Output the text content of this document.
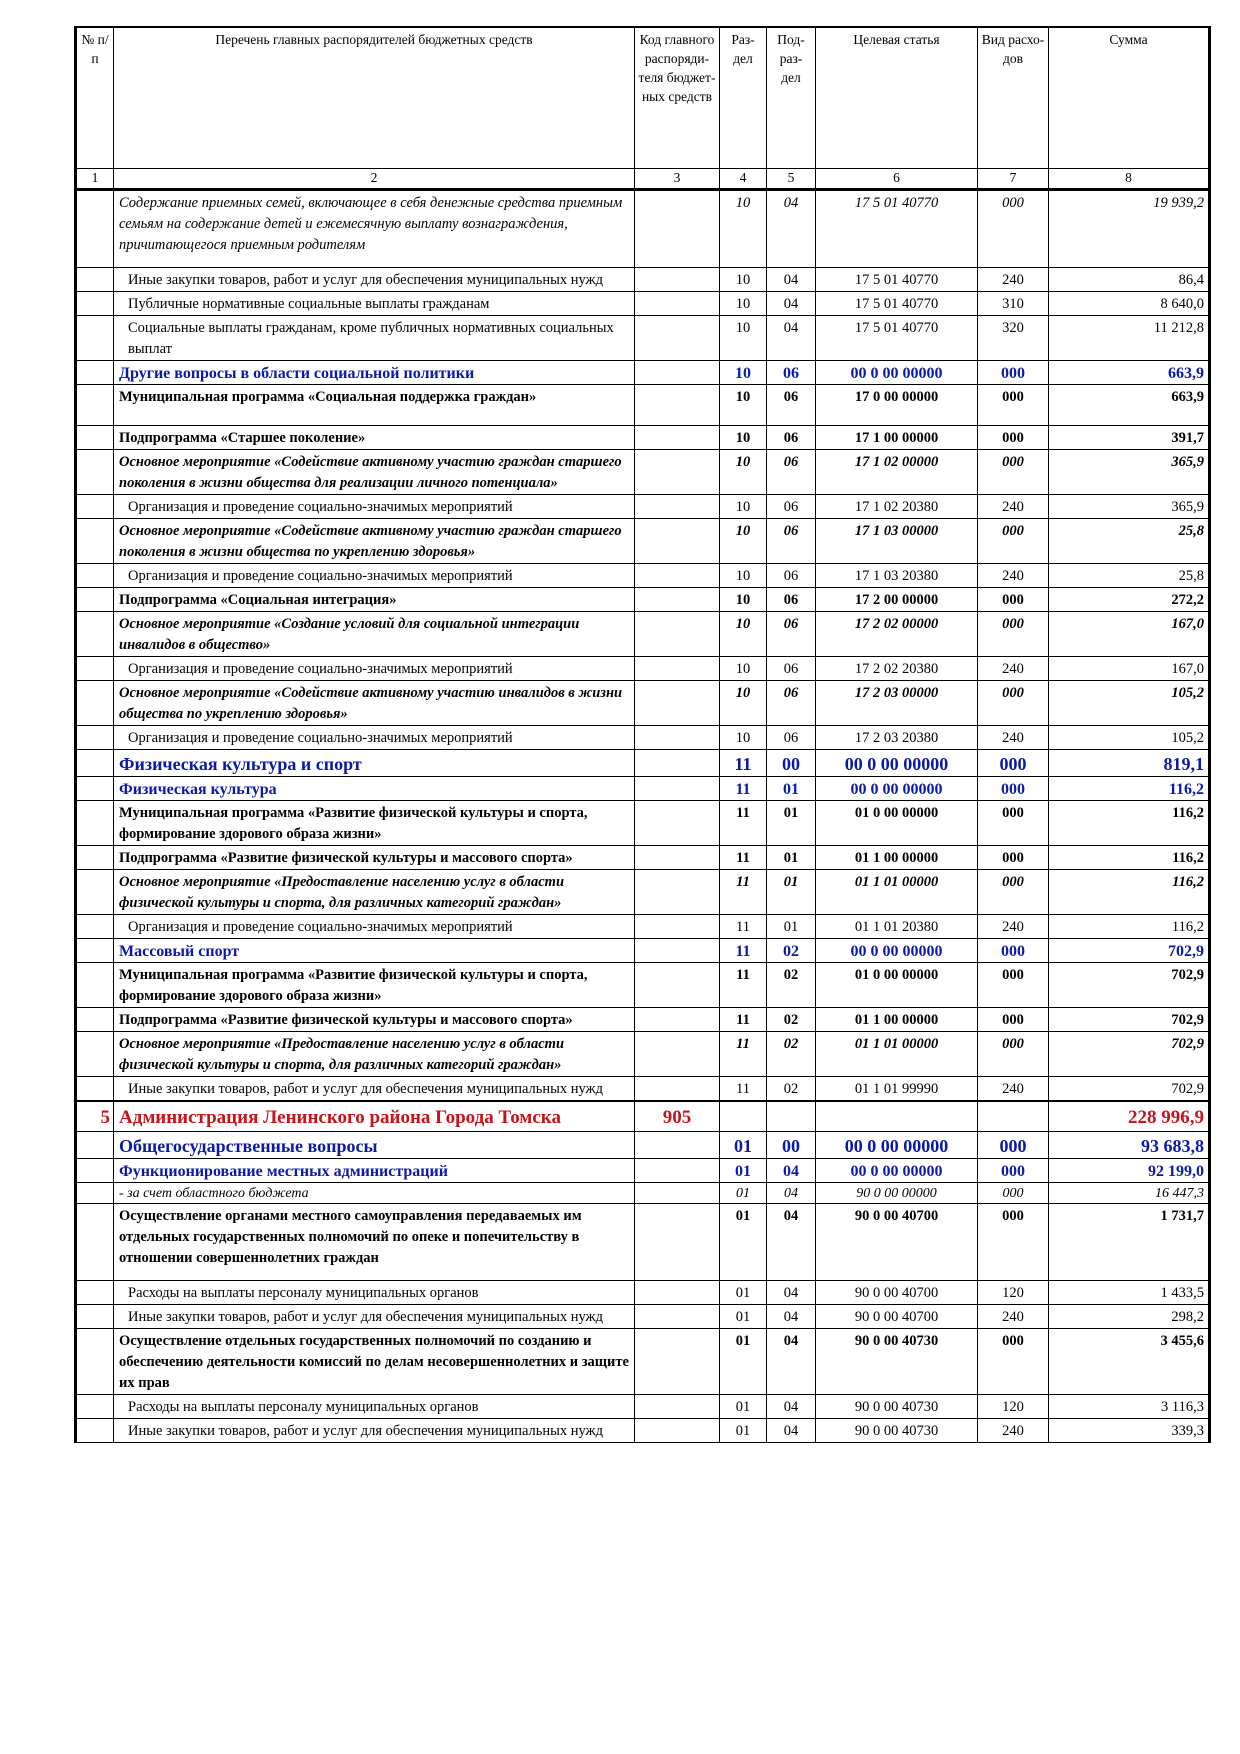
№ п/п	Перечень главных распорядителей бюджетных средств	Код главного распоряди-теля бюджет-ных средств	Раз-дел	Под-раз-дел	Целевая статья	Вид расхо-дов	Сумма
1	2	3	4	5	6	7	8
	Содержание приемных семей, включающее в себя денежные средства приемным семьям на содержание детей и ежемесячную выплату вознаграждения, причитающегося приемным родителям		10	04	17 5 01 40770	000	19 939,2
	Иные закупки товаров, работ и услуг для обеспечения муниципальных нужд		10	04	17 5 01 40770	240	86,4
	Публичные нормативные социальные выплаты гражданам		10	04	17 5 01 40770	310	8 640,0
	Социальные выплаты гражданам, кроме публичных нормативных социальных выплат		10	04	17 5 01 40770	320	11 212,8
	Другие вопросы в области социальной политики		10	06	00 0 00 00000	000	663,9
	Муниципальная программа «Социальная поддержка граждан»		10	06	17 0 00 00000	000	663,9
	Подпрограмма «Старшее поколение»		10	06	17 1 00 00000	000	391,7
	Основное мероприятие «Содействие активному участию граждан старшего поколения в жизни общества для реализации личного потенциала»		10	06	17 1 02 00000	000	365,9
	Организация и проведение социально-значимых мероприятий		10	06	17 1 02 20380	240	365,9
	Основное мероприятие «Содействие активному участию граждан старшего поколения в жизни общества по укреплению здоровья»		10	06	17 1 03 00000	000	25,8
	Организация и проведение социально-значимых мероприятий		10	06	17 1 03 20380	240	25,8
	Подпрограмма «Социальная интеграция»		10	06	17 2 00 00000	000	272,2
	Основное мероприятие «Создание условий для социальной интеграции инвалидов в общество»		10	06	17 2 02 00000	000	167,0
	Организация и проведение социально-значимых мероприятий		10	06	17 2 02 20380	240	167,0
	Основное мероприятие «Содействие активному участию инвалидов в жизни общества по укреплению здоровья»		10	06	17 2 03 00000	000	105,2
	Организация и проведение социально-значимых мероприятий		10	06	17 2 03 20380	240	105,2
	Физическая культура и спорт		11	00	00 0 00 00000	000	819,1
	Физическая культура		11	01	00 0 00 00000	000	116,2
	Муниципальная программа «Развитие физической культуры и спорта, формирование здорового образа жизни»		11	01	01 0 00 00000	000	116,2
	Подпрограмма «Развитие физической культуры и массового спорта»		11	01	01 1 00 00000	000	116,2
	Основное мероприятие «Предоставление населению услуг в области физической культуры и спорта, для различных категорий граждан»		11	01	01 1 01 00000	000	116,2
	Организация и проведение социально-значимых мероприятий		11	01	01 1 01 20380	240	116,2
	Массовый спорт		11	02	00 0 00 00000	000	702,9
	Муниципальная программа «Развитие физической культуры и спорта, формирование здорового образа жизни»		11	02	01 0 00 00000	000	702,9
	Подпрограмма «Развитие физической культуры и массового спорта»		11	02	01 1 00 00000	000	702,9
	Основное мероприятие «Предоставление населению услуг в области физической культуры и спорта, для различных категорий граждан»		11	02	01 1 01 00000	000	702,9
	Иные закупки товаров, работ и услуг для обеспечения муниципальных нужд		11	02	01 1 01 99990	240	702,9
5	Администрация Ленинского района Города Томска	905					228 996,9
	Общегосударственные вопросы		01	00	00 0 00 00000	000	93 683,8
	Функционирование местных администраций		01	04	00 0 00 00000	000	92 199,0
	- за счет областного бюджета		01	04	90 0 00 00000	000	16 447,3
	Осуществление органами местного самоуправления передаваемых им отдельных государственных полномочий по опеке и попечительству в отношении совершеннолетних граждан		01	04	90 0 00 40700	000	1 731,7
	Расходы на выплаты персоналу муниципальных органов		01	04	90 0 00 40700	120	1 433,5
	Иные закупки товаров, работ и услуг для обеспечения муниципальных нужд		01	04	90 0 00 40700	240	298,2
	Осуществление отдельных государственных полномочий по созданию и обеспечению деятельности комиссий по делам несовершеннолетних и защите их прав		01	04	90 0 00 40730	000	3 455,6
	Расходы на выплаты персоналу муниципальных органов		01	04	90 0 00 40730	120	3 116,3
	Иные закупки товаров, работ и услуг для обеспечения муниципальных нужд		01	04	90 0 00 40730	240	339,3
